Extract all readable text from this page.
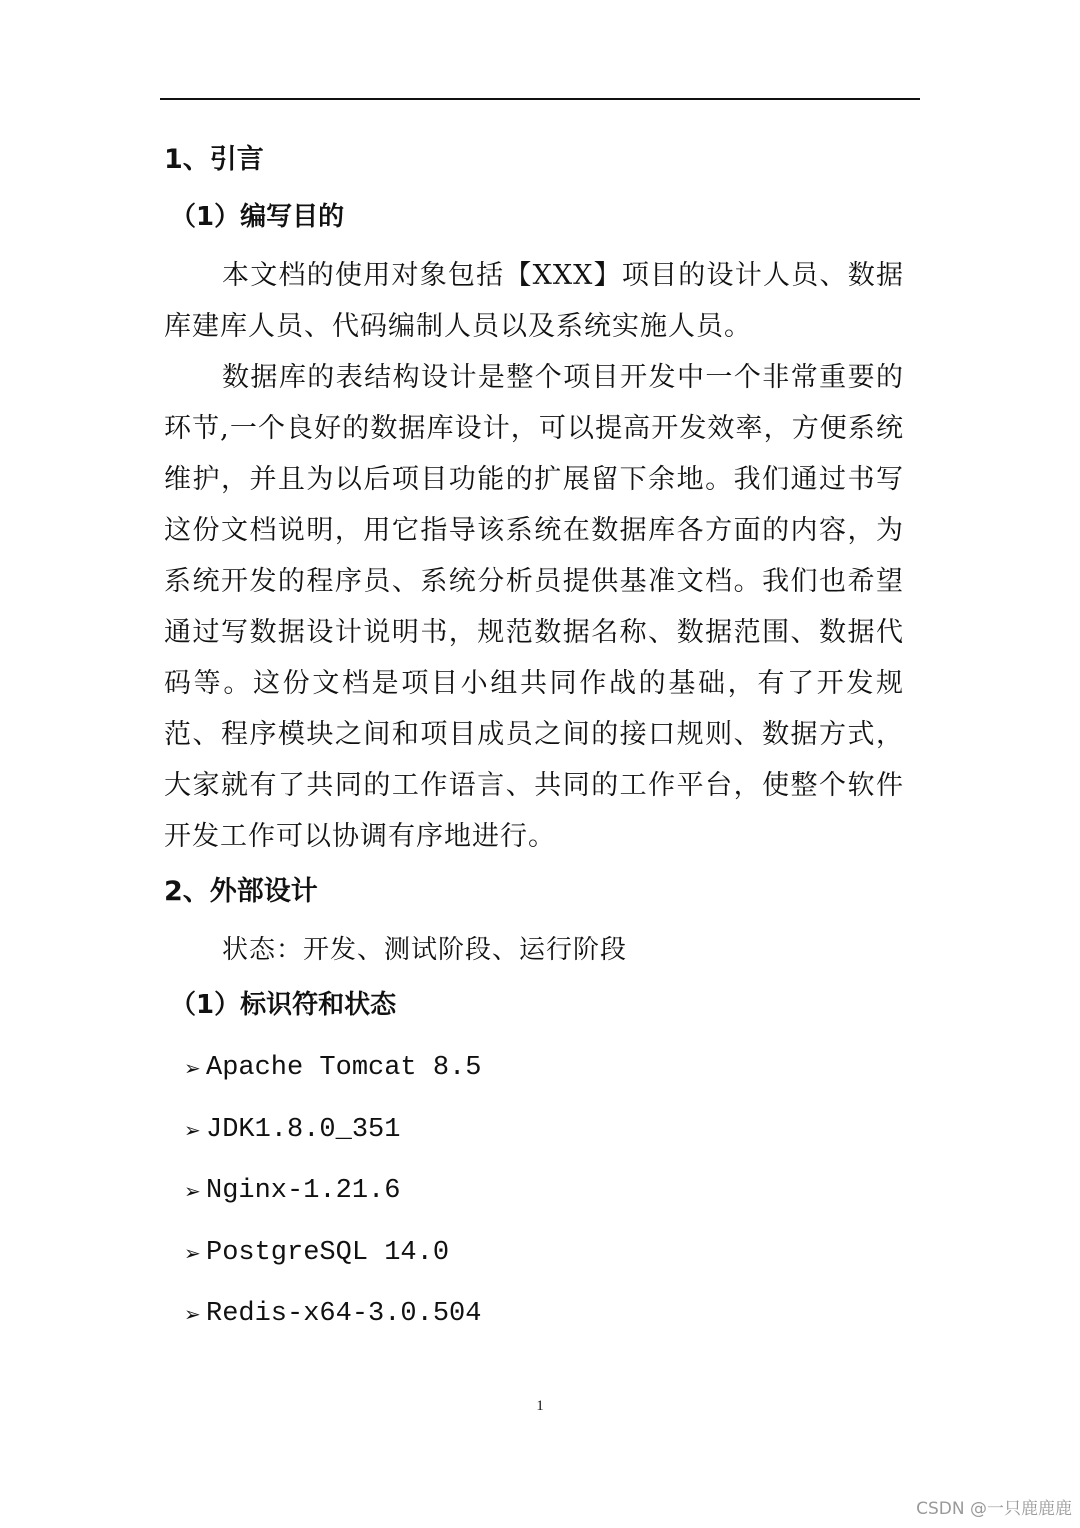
1、引言
（1）编写目的

本文档的使用对象包括【XXX】项目的设计人员、数据库建库人员、代码编制人员以及系统实施人员。

数据库的表结构设计是整个项目开发中一个非常重要的环节,一个良好的数据库设计，可以提高开发效率，方便系统维护，并且为以后项目功能的扩展留下余地。我们通过书写这份文档说明，用它指导该系统在数据库各方面的内容，为系统开发的程序员、系统分析员提供基准文档。我们也希望通过写数据设计说明书，规范数据名称、数据范围、数据代码等。这份文档是项目小组共同作战的基础，有了开发规范、程序模块之间和项目成员之间的接口规则、数据方式，大家就有了共同的工作语言、共同的工作平台，使整个软件开发工作可以协调有序地进行。

2、外部设计

状态：开发、测试阶段、运行阶段

（1）标识符和状态
➢ Apache Tomcat 8.5
➢ JDK1.8.0_351
➢ Nginx-1.21.6
➢ PostgreSQL 14.0
➢ Redis-x64-3.0.504
1
CSDN @一只鹿鹿鹿
